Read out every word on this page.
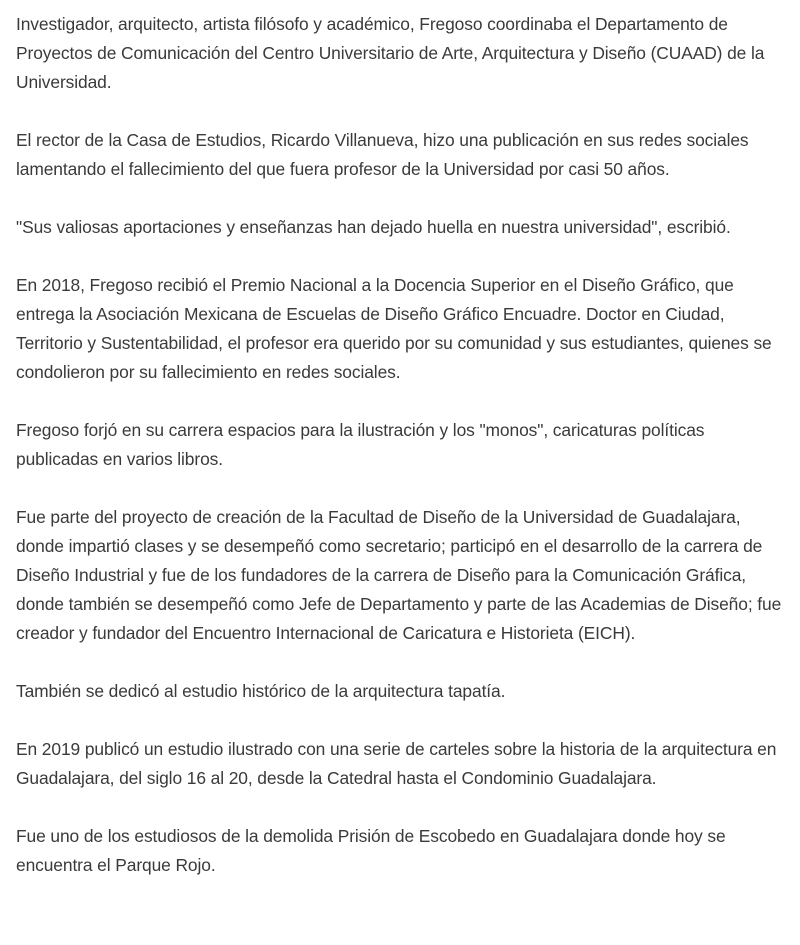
Investigador, arquitecto, artista filósofo y académico, Fregoso coordinaba el Departamento de Proyectos de Comunicación del Centro Universitario de Arte, Arquitectura y Diseño (CUAAD) de la Universidad.

El rector de la Casa de Estudios, Ricardo Villanueva, hizo una publicación en sus redes sociales lamentando el fallecimiento del que fuera profesor de la Universidad por casi 50 años.

"Sus valiosas aportaciones y enseñanzas han dejado huella en nuestra universidad", escribió.

En 2018, Fregoso recibió el Premio Nacional a la Docencia Superior en el Diseño Gráfico, que entrega la Asociación Mexicana de Escuelas de Diseño Gráfico Encuadre. Doctor en Ciudad, Territorio y Sustentabilidad, el profesor era querido por su comunidad y sus estudiantes, quienes se condolieron por su fallecimiento en redes sociales.

Fregoso forjó en su carrera espacios para la ilustración y los "monos", caricaturas políticas publicadas en varios libros.

Fue parte del proyecto de creación de la Facultad de Diseño de la Universidad de Guadalajara, donde impartió clases y se desempeñó como secretario; participó en el desarrollo de la carrera de Diseño Industrial y fue de los fundadores de la carrera de Diseño para la Comunicación Gráfica, donde también se desempeñó como Jefe de Departamento y parte de las Academias de Diseño; fue creador y fundador del Encuentro Internacional de Caricatura e Historieta (EICH).

También se dedicó al estudio histórico de la arquitectura tapatía.

En 2019 publicó un estudio ilustrado con una serie de carteles sobre la historia de la arquitectura en Guadalajara, del siglo 16 al 20, desde la Catedral hasta el Condominio Guadalajara.

Fue uno de los estudiosos de la demolida Prisión de Escobedo en Guadalajara donde hoy se encuentra el Parque Rojo.
